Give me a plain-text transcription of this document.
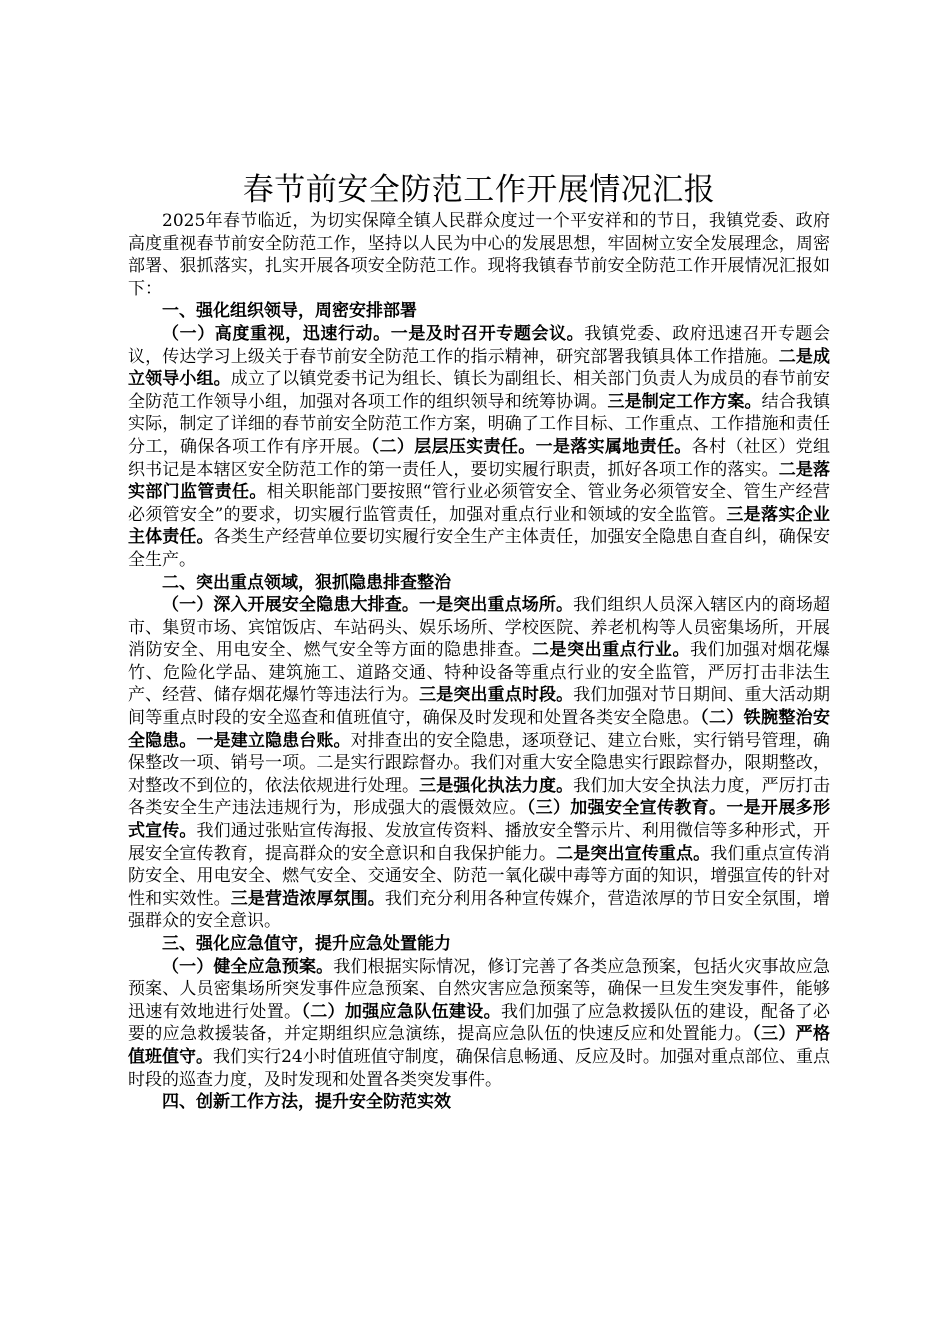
春节前安全防范工作开展情况汇报

2025年春节临近，为切实保障全镇人民群众度过一个平安祥和的节日，我镇党委、政府高度重视春节前安全防范工作，坚持以人民为中心的发展思想，牢固树立安全发展理念，周密部署、狠抓落实，扎实开展各项安全防范工作。现将我镇春节前安全防范工作开展情况汇报如下：

一、强化组织领导，周密安排部署

（一）高度重视，迅速行动。一是及时召开专题会议。我镇党委、政府迅速召开专题会议，传达学习上级关于春节前安全防范工作的指示精神，研究部署我镇具体工作措施。二是成立领导小组。成立了以镇党委书记为组长、镇长为副组长、相关部门负责人为成员的春节前安全防范工作领导小组，加强对各项工作的组织领导和统筹协调。三是制定工作方案。结合我镇实际，制定了详细的春节前安全防范工作方案，明确了工作目标、工作重点、工作措施和责任分工，确保各项工作有序开展。（二）层层压实责任。一是落实属地责任。各村（社区）党组织书记是本辖区安全防范工作的第一责任人，要切实履行职责，抓好各项工作的落实。二是落实部门监管责任。相关职能部门要按照“管行业必须管安全、管业务必须管安全、管生产经营必须管安全”的要求，切实履行监管责任，加强对重点行业和领域的安全监管。三是落实企业主体责任。各类生产经营单位要切实履行安全生产主体责任，加强安全隐患自查自纠，确保安全生产。

二、突出重点领域，狠抓隐患排查整治

（一）深入开展安全隐患大排查。一是突出重点场所。我们组织人员深入辖区内的商场超市、集贸市场、宾馆饭店、车站码头、娱乐场所、学校医院、养老机构等人员密集场所，开展消防安全、用电安全、燃气安全等方面的隐患排查。二是突出重点行业。我们加强对烟花爆竹、危险化学品、建筑施工、道路交通、特种设备等重点行业的安全监管，严厉打击非法生产、经营、储存烟花爆竹等违法行为。三是突出重点时段。我们加强对节日期间、重大活动期间等重点时段的安全巡查和值班值守，确保及时发现和处置各类安全隐患。（二）铁腕整治安全隐患。一是建立隐患台账。对排查出的安全隐患，逐项登记、建立台账，实行销号管理，确保整改一项、销号一项。二是实行跟踪督办。我们对重大安全隐患实行跟踪督办，限期整改，对整改不到位的，依法依规进行处理。三是强化执法力度。我们加大安全执法力度，严厉打击各类安全生产违法违规行为，形成强大的震慑效应。（三）加强安全宣传教育。一是开展多形式宣传。我们通过张贴宣传海报、发放宣传资料、播放安全警示片、利用微信等多种形式，开展安全宣传教育，提高群众的安全意识和自我保护能力。二是突出宣传重点。我们重点宣传消防安全、用电安全、燃气安全、交通安全、防范一氧化碳中毒等方面的知识，增强宣传的针对性和实效性。三是营造浓厚氛围。我们充分利用各种宣传媒介，营造浓厚的节日安全氛围，增强群众的安全意识。

三、强化应急值守，提升应急处置能力

（一）健全应急预案。我们根据实际情况，修订完善了各类应急预案，包括火灾事故应急预案、人员密集场所突发事件应急预案、自然灾害应急预案等，确保一旦发生突发事件，能够迅速有效地进行处置。（二）加强应急队伍建设。我们加强了应急救援队伍的建设，配备了必要的应急救援装备，并定期组织应急演练，提高应急队伍的快速反应和处置能力。（三）严格值班值守。我们实行24小时值班值守制度，确保信息畅通、反应及时。加强对重点部位、重点时段的巡查力度，及时发现和处置各类突发事件。

四、创新工作方法，提升安全防范实效
